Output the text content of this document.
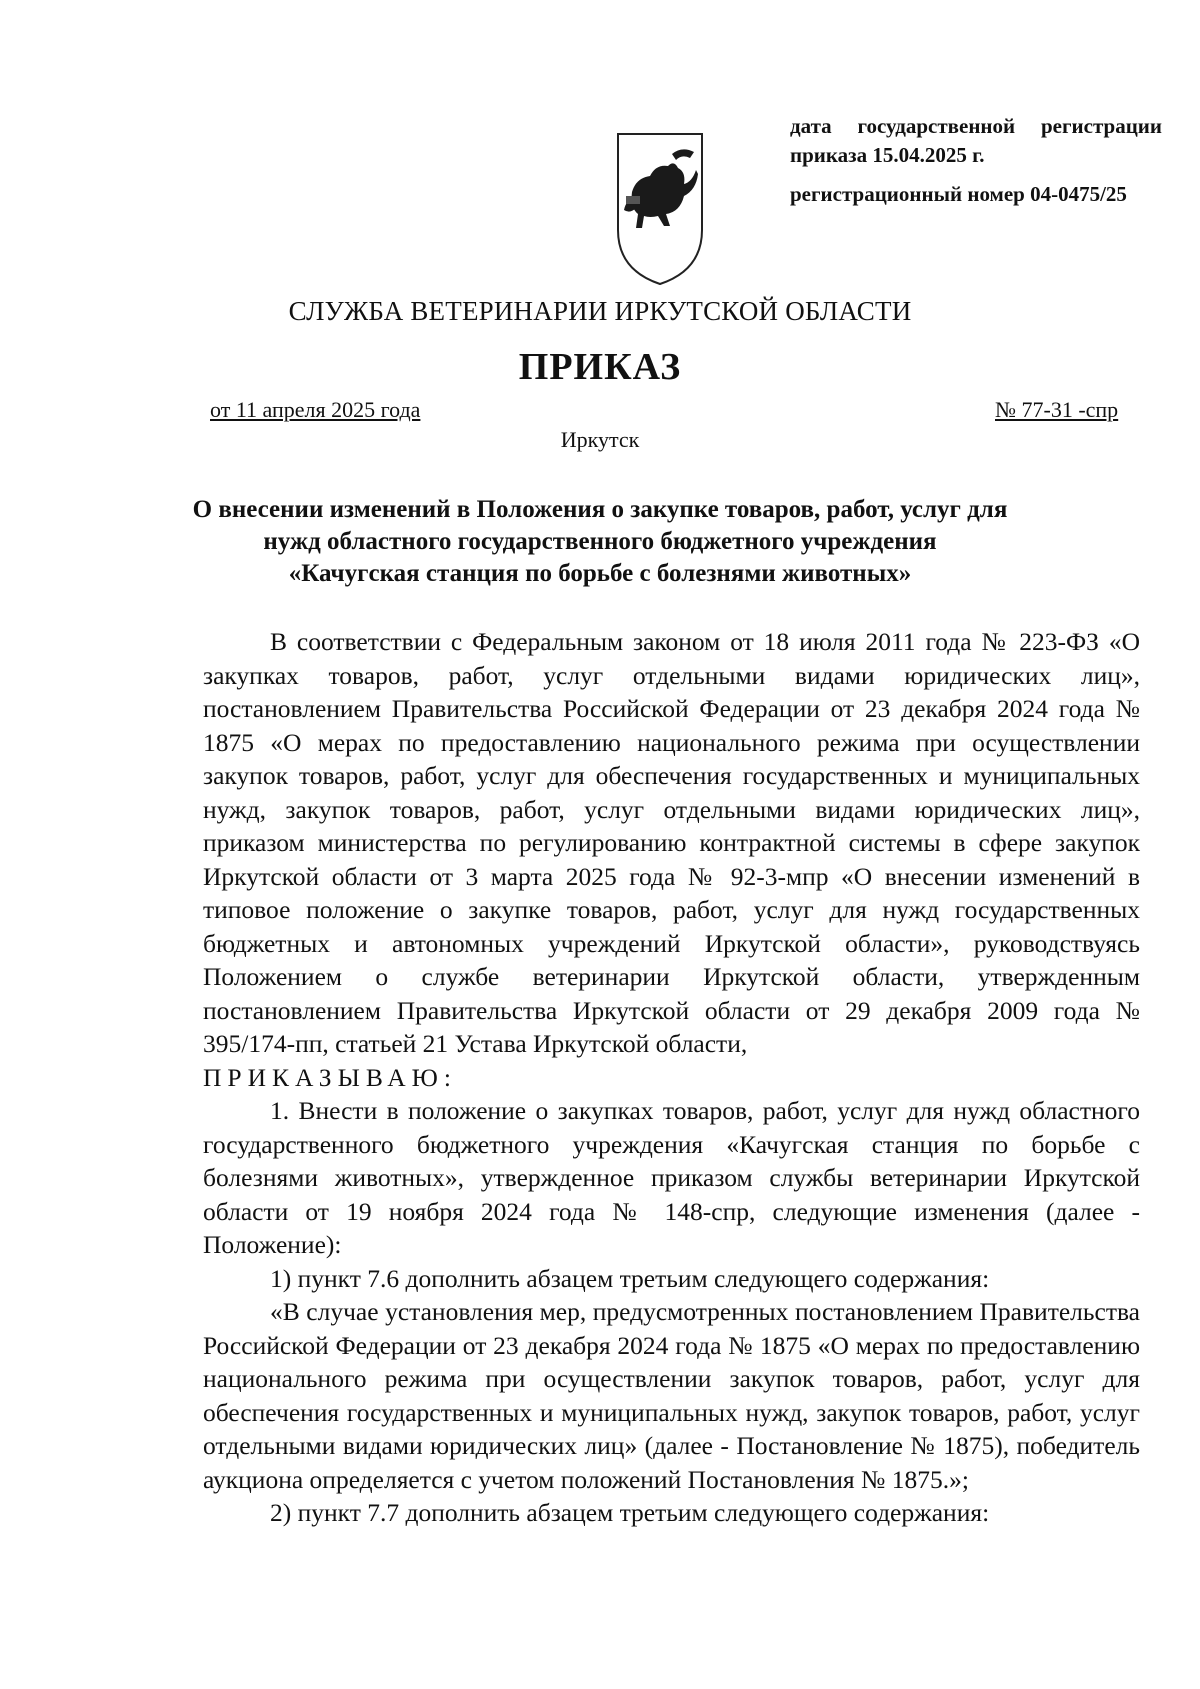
дата государственной регистрации
приказа 15.04.2025 г.
регистрационный номер 04-0475/25
СЛУЖБА ВЕТЕРИНАРИИ ИРКУТСКОЙ ОБЛАСТИ
ПРИКАЗ
от 11 апреля 2025 года	№ 77-31 -спр
Иркутск
О внесении изменений в Положения о закупке товаров, работ, услуг для
нужд областного государственного бюджетного учреждения
«Качугская станция по борьбе с болезнями животных»

В соответствии с Федеральным законом от 18 июля 2011 года № 223-ФЗ «О закупках товаров, работ, услуг отдельными видами юридических лиц», постановлением Правительства Российской Федерации от 23 декабря 2024 года № 1875 «О мерах по предоставлению национального режима при осуществлении закупок товаров, работ, услуг для обеспечения государственных и муниципальных нужд, закупок товаров, работ, услуг отдельными видами юридических лиц», приказом министерства по регулированию контрактной системы в сфере закупок Иркутской области от 3 марта 2025 года № 92-3-мпр «О внесении изменений в типовое положение о закупке товаров, работ, услуг для нужд государственных бюджетных и автономных учреждений Иркутской области», руководствуясь Положением о службе ветеринарии Иркутской области, утвержденным постановлением Правительства Иркутской области от 29 декабря 2009 года № 395/174-пп, статьей 21 Устава Иркутской области,

ПРИКАЗЫВАЮ:

1. Внести в положение о закупках товаров, работ, услуг для нужд областного государственного бюджетного учреждения «Качугская станция по борьбе с болезнями животных», утвержденное приказом службы ветеринарии Иркутской области от 19 ноября 2024 года № 148-спр, следующие изменения (далее - Положение):

1) пункт 7.6 дополнить абзацем третьим следующего содержания:

«В случае установления мер, предусмотренных постановлением Правительства Российской Федерации от 23 декабря 2024 года № 1875 «О мерах по предоставлению национального режима при осуществлении закупок товаров, работ, услуг для обеспечения государственных и муниципальных нужд, закупок товаров, работ, услуг отдельными видами юридических лиц» (далее - Постановление № 1875), победитель аукциона определяется с учетом положений Постановления № 1875.»;

2) пункт 7.7 дополнить абзацем третьим следующего содержания:
